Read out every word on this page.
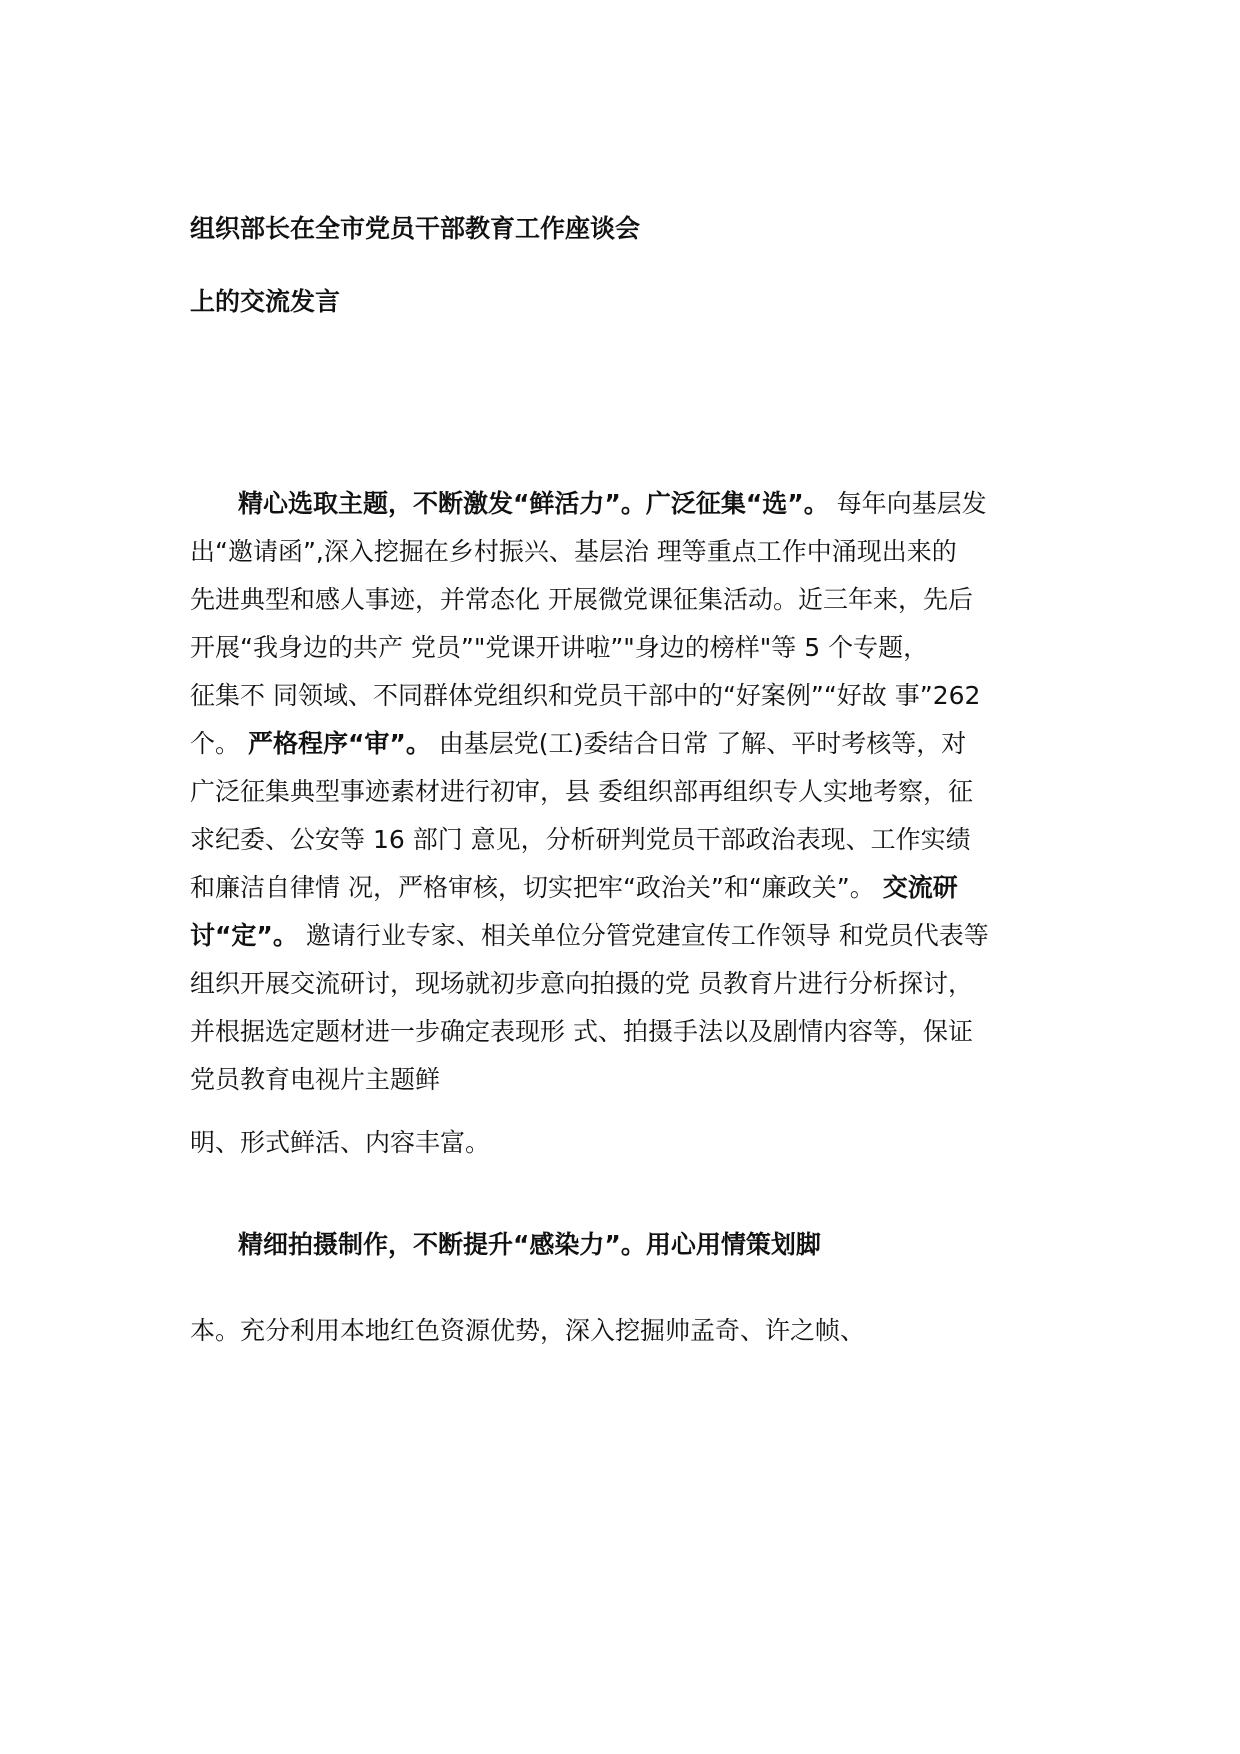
组织部长在全市党员干部教育工作座谈会
上的交流发言
精心选取主题，不断激发“鲜活力”。广泛征集“选”。 每年向基层发
出“邀请函”,深入挖掘在乡村振兴、基层治 理等重点工作中涌现出来的
先进典型和感人事迹，并常态化 开展微党课征集活动。近三年来，先后
开展“我身边的共产 党员”"党课开讲啦”"身边的榜样"等 5 个专题，
征集不 同领域、不同群体党组织和党员干部中的“好案例”“好故 事”262
个。 严格程序“审”。 由基层党(工)委结合日常 了解、平时考核等，对
广泛征集典型事迹素材进行初审，县 委组织部再组织专人实地考察，征
求纪委、公安等 16 部门 意见，分析研判党员干部政治表现、工作实绩
和廉洁自律情 况，严格审核，切实把牢“政治关”和“廉政关”。 交流研
讨“定”。 邀请行业专家、相关单位分管党建宣传工作领导 和党员代表等
组织开展交流研讨，现场就初步意向拍摄的党 员教育片进行分析探讨，
并根据选定题材进一步确定表现形 式、拍摄手法以及剧情内容等，保证
党员教育电视片主题鲜
明、形式鲜活、内容丰富。
精细拍摄制作，不断提升“感染力”。用心用情策划脚
本。充分利用本地红色资源优势，深入挖掘帅孟奇、许之帧、
